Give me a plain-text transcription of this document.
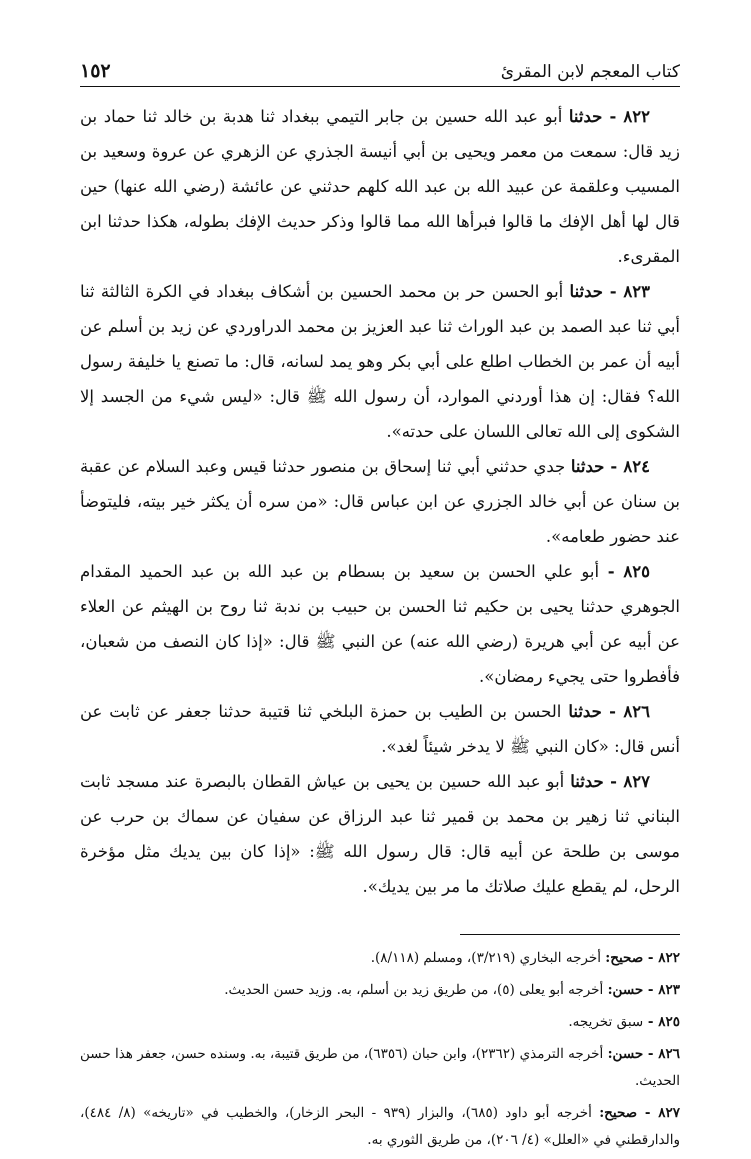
كتاب المعجم لابن المقرئ
١٥٢

٨٢٢ - حدثنا أبو عبد الله حسين بن جابر التيمي ببغداد ثنا هدبة بن خالد ثنا حماد بن زيد قال: سمعت من معمر ويحيى بن أبي أنيسة الجذري عن الزهري عن عروة وسعيد بن المسيب وعلقمة عن عبيد الله بن عبد الله كلهم حدثني عن عائشة (رضي الله عنها) حين قال لها أهل الإفك ما قالوا فبرأها الله مما قالوا وذكر حديث الإفك بطوله، هكذا حدثنا ابن المقرىء.

٨٢٣ - حدثنا أبو الحسن حر بن محمد الحسين بن أشكاف ببغداد في الكرة الثالثة ثنا أبي ثنا عبد الصمد بن عبد الوراث ثنا عبد العزيز بن محمد الدراوردي عن زيد بن أسلم عن أبيه أن عمر بن الخطاب اطلع على أبي بكر وهو يمد لسانه، قال: ما تصنع يا خليفة رسول الله؟ فقال: إن هذا أوردني الموارد، أن رسول الله ﷺ قال: «ليس شيء من الجسد إلا الشكوى إلى الله تعالى اللسان على حدته».

٨٢٤ - حدثنا جدي حدثني أبي ثنا إسحاق بن منصور حدثنا قيس وعبد السلام عن عقبة بن سنان عن أبي خالد الجزري عن ابن عباس قال: «من سره أن يكثر خير بيته، فليتوضأ عند حضور طعامه».

٨٢٥ - أبو علي الحسن بن سعيد بن بسطام بن عبد الله بن عبد الحميد المقدام الجوهري حدثنا يحيى بن حكيم ثنا الحسن بن حبيب بن ندبة ثنا روح بن الهيثم عن العلاء عن أبيه عن أبي هريرة (رضي الله عنه) عن النبي ﷺ قال: «إذا كان النصف من شعبان، فأفطروا حتى يجيء رمضان».

٨٢٦ - حدثنا الحسن بن الطيب بن حمزة البلخي ثنا قتيبة حدثنا جعفر عن ثابت عن أنس قال: «كان النبي ﷺ لا يدخر شيئاً لغد».

٨٢٧ - حدثنا أبو عبد الله حسين بن يحيى بن عياش القطان بالبصرة عند مسجد ثابت البناني ثنا زهير بن محمد بن قمير ثنا عبد الرزاق عن سفيان عن سماك بن حرب عن موسى بن طلحة عن أبيه قال: قال رسول الله ﷺ: «إذا كان بين يديك مثل مؤخرة الرحل، لم يقطع عليك صلاتك ما مر بين يديك».

٨٢٢ - صحيح: أخرجه البخاري (٣/٢١٩)، ومسلم (٨/١١٨).

٨٢٣ - حسن: أخرجه أبو يعلى (٥)، من طريق زيد بن أسلم، به. وزيد حسن الحديث.

٨٢٥ - سبق تخريجه.

٨٢٦ - حسن: أخرجه الترمذي (٢٣٦٢)، وابن حبان (٦٣٥٦)، من طريق قتيبة، به. وسنده حسن، جعفر هذا حسن الحديث.

٨٢٧ - صحيح: أخرجه أبو داود (٦٨٥)، والبزار (٩٣٩ - البحر الزخار)، والخطيب في «تاريخه» (٨/ ٤٨٤)، والدارقطني في «العلل» (٤/ ٢٠٦)، من طريق الثوري به.
